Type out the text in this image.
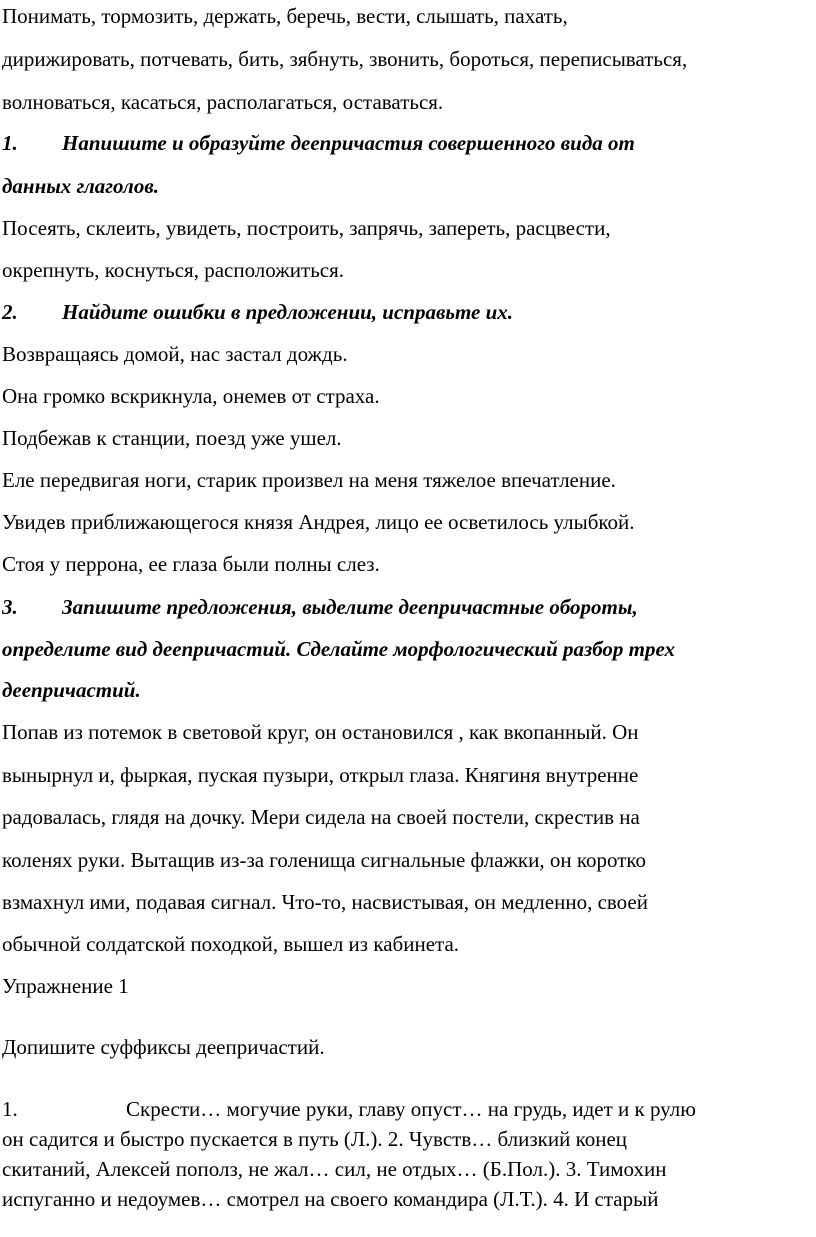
Понимать, тормозить, держать, беречь, вести, слышать, пахать,
дирижировать, потчевать, бить, зябнуть, звонить, бороться, переписываться,
волноваться, касаться, располагаться, оставаться.
1. Напишите и образуйте деепричастия совершенного вида от
данных глаголов.
Посеять, склеить, увидеть, построить, запрячь, запереть, расцвести,
окрепнуть, коснуться, расположиться.
2. Найдите ошибки в предложении, исправьте их.
Возвращаясь домой, нас застал дождь.
Она громко вскрикнула, онемев от страха.
Подбежав к станции, поезд уже ушел.
Еле передвигая ноги, старик произвел на меня тяжелое впечатление.
Увидев приближающегося князя Андрея, лицо ее осветилось улыбкой.
Стоя у перрона, ее глаза были полны слез.
3. Запишите предложения, выделите деепричастные обороты,
определите вид деепричастий. Сделайте морфологический разбор трех
деепричастий.
Попав из потемок в световой круг, он остановился , как вкопанный. Он
вынырнул и, фыркая, пуская пузыри, открыл глаза. Княгиня внутренне
радовалась, глядя на дочку. Мери сидела на своей постели, скрестив на
коленях руки. Вытащив из-за голенища сигнальные флажки, он коротко
взмахнул ими, подавая сигнал. Что-то, насвистывая, он медленно, своей
обычной солдатской походкой, вышел из кабинета.
Упражнение 1
Допишите суффиксы деепричастий.
1.	Скрести… могучие руки, главу опуст… на грудь, идет и к рулю
он садится и быстро пускается в путь (Л.). 2. Чувств… близкий конец
скитаний, Алексей пополз, не жал… сил, не отдых… (Б.Пол.). 3. Тимохин
испуганно и недоумев… смотрел на своего командира (Л.Т.). 4. И старый
